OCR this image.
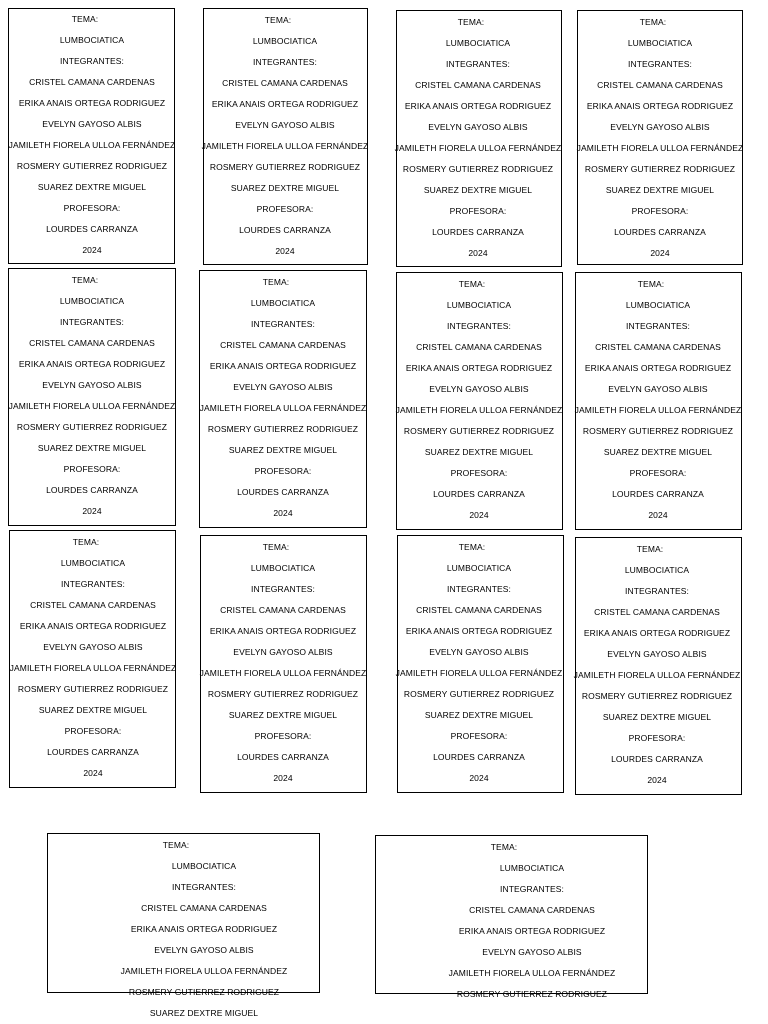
TEMA:
LUMBOCIATICA
INTEGRANTES:
CRISTEL CAMANA CARDENAS
ERIKA ANAIS ORTEGA RODRIGUEZ
EVELYN GAYOSO ALBIS
JAMILETH FIORELA ULLOA FERNÁNDEZ
ROSMERY GUTIERREZ RODRIGUEZ
SUAREZ DEXTRE MIGUEL
PROFESORA:
LOURDES CARRANZA
2024
TEMA:
LUMBOCIATICA
INTEGRANTES:
CRISTEL CAMANA CARDENAS
ERIKA ANAIS ORTEGA RODRIGUEZ
EVELYN GAYOSO ALBIS
JAMILETH FIORELA ULLOA FERNÁNDEZ
ROSMERY GUTIERREZ RODRIGUEZ
SUAREZ DEXTRE MIGUEL
PROFESORA:
LOURDES CARRANZA
2024
TEMA:
LUMBOCIATICA
INTEGRANTES:
CRISTEL CAMANA CARDENAS
ERIKA ANAIS ORTEGA RODRIGUEZ
EVELYN GAYOSO ALBIS
JAMILETH FIORELA ULLOA FERNÁNDEZ
ROSMERY GUTIERREZ RODRIGUEZ
SUAREZ DEXTRE MIGUEL
PROFESORA:
LOURDES CARRANZA
2024
TEMA:
LUMBOCIATICA
INTEGRANTES:
CRISTEL CAMANA CARDENAS
ERIKA ANAIS ORTEGA RODRIGUEZ
EVELYN GAYOSO ALBIS
JAMILETH FIORELA ULLOA FERNÁNDEZ
ROSMERY GUTIERREZ RODRIGUEZ
SUAREZ DEXTRE MIGUEL
PROFESORA:
LOURDES CARRANZA
2024
TEMA:
LUMBOCIATICA
INTEGRANTES:
CRISTEL CAMANA CARDENAS
ERIKA ANAIS ORTEGA RODRIGUEZ
EVELYN GAYOSO ALBIS
JAMILETH FIORELA ULLOA FERNÁNDEZ
ROSMERY GUTIERREZ RODRIGUEZ
SUAREZ DEXTRE MIGUEL
PROFESORA:
LOURDES CARRANZA
2024
TEMA:
LUMBOCIATICA
INTEGRANTES:
CRISTEL CAMANA CARDENAS
ERIKA ANAIS ORTEGA RODRIGUEZ
EVELYN GAYOSO ALBIS
JAMILETH FIORELA ULLOA FERNÁNDEZ
ROSMERY GUTIERREZ RODRIGUEZ
SUAREZ DEXTRE MIGUEL
PROFESORA:
LOURDES CARRANZA
2024
TEMA:
LUMBOCIATICA
INTEGRANTES:
CRISTEL CAMANA CARDENAS
ERIKA ANAIS ORTEGA RODRIGUEZ
EVELYN GAYOSO ALBIS
JAMILETH FIORELA ULLOA FERNÁNDEZ
ROSMERY GUTIERREZ RODRIGUEZ
SUAREZ DEXTRE MIGUEL
PROFESORA:
LOURDES CARRANZA
2024
TEMA:
LUMBOCIATICA
INTEGRANTES:
CRISTEL CAMANA CARDENAS
ERIKA ANAIS ORTEGA RODRIGUEZ
EVELYN GAYOSO ALBIS
JAMILETH FIORELA ULLOA FERNÁNDEZ
ROSMERY GUTIERREZ RODRIGUEZ
SUAREZ DEXTRE MIGUEL
PROFESORA:
LOURDES CARRANZA
2024
TEMA:
LUMBOCIATICA
INTEGRANTES:
CRISTEL CAMANA CARDENAS
ERIKA ANAIS ORTEGA RODRIGUEZ
EVELYN GAYOSO ALBIS
JAMILETH FIORELA ULLOA FERNÁNDEZ
ROSMERY GUTIERREZ RODRIGUEZ
SUAREZ DEXTRE MIGUEL
PROFESORA:
LOURDES CARRANZA
2024
TEMA:
LUMBOCIATICA
INTEGRANTES:
CRISTEL CAMANA CARDENAS
ERIKA ANAIS ORTEGA RODRIGUEZ
EVELYN GAYOSO ALBIS
JAMILETH FIORELA ULLOA FERNÁNDEZ
ROSMERY GUTIERREZ RODRIGUEZ
SUAREZ DEXTRE MIGUEL
PROFESORA:
LOURDES CARRANZA
2024
TEMA:
LUMBOCIATICA
INTEGRANTES:
CRISTEL CAMANA CARDENAS
ERIKA ANAIS ORTEGA RODRIGUEZ
EVELYN GAYOSO ALBIS
JAMILETH FIORELA ULLOA FERNÁNDEZ
ROSMERY GUTIERREZ RODRIGUEZ
SUAREZ DEXTRE MIGUEL
PROFESORA:
LOURDES CARRANZA
2024
TEMA:
LUMBOCIATICA
INTEGRANTES:
CRISTEL CAMANA CARDENAS
ERIKA ANAIS ORTEGA RODRIGUEZ
EVELYN GAYOSO ALBIS
JAMILETH FIORELA ULLOA FERNÁNDEZ
ROSMERY GUTIERREZ RODRIGUEZ
SUAREZ DEXTRE MIGUEL
PROFESORA:
LOURDES CARRANZA
2024
TEMA:
LUMBOCIATICA
INTEGRANTES:
CRISTEL CAMANA CARDENAS
ERIKA ANAIS ORTEGA RODRIGUEZ
EVELYN GAYOSO ALBIS
JAMILETH FIORELA ULLOA FERNÁNDEZ
ROSMERY GUTIERREZ RODRIGUEZ
SUAREZ DEXTRE MIGUEL
TEMA:
LUMBOCIATICA
INTEGRANTES:
CRISTEL CAMANA CARDENAS
ERIKA ANAIS ORTEGA RODRIGUEZ
EVELYN GAYOSO ALBIS
JAMILETH FIORELA ULLOA FERNÁNDEZ
ROSMERY GUTIERREZ RODRIGUEZ
